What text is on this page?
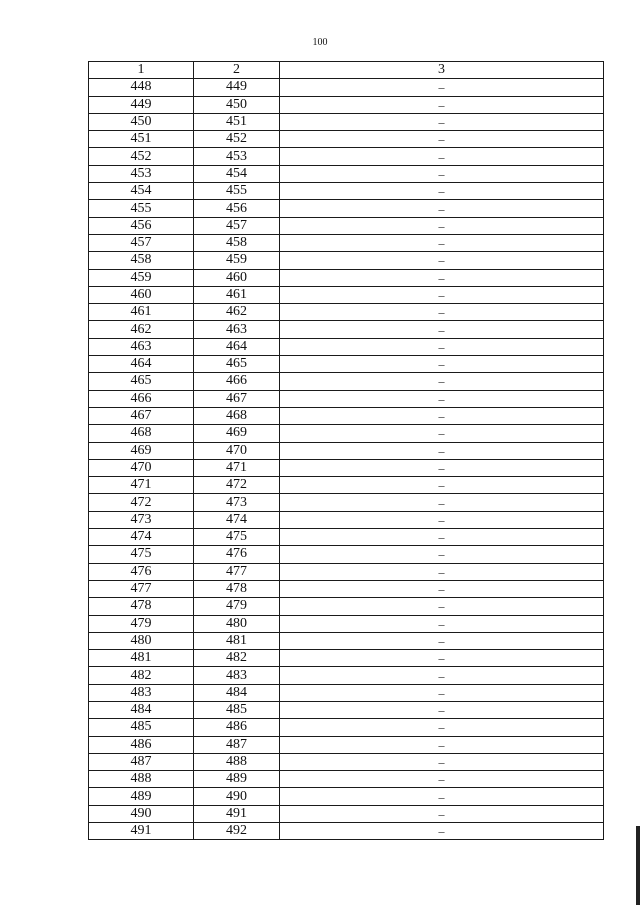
100
1	2	3
448	449	–
449	450	–
450	451	–
451	452	–
452	453	–
453	454	–
454	455	–
455	456	–
456	457	–
457	458	–
458	459	–
459	460	–
460	461	–
461	462	–
462	463	–
463	464	–
464	465	–
465	466	–
466	467	–
467	468	–
468	469	–
469	470	–
470	471	–
471	472	–
472	473	–
473	474	–
474	475	–
475	476	–
476	477	–
477	478	–
478	479	–
479	480	–
480	481	–
481	482	–
482	483	–
483	484	–
484	485	–
485	486	–
486	487	–
487	488	–
488	489	–
489	490	–
490	491	–
491	492	–
